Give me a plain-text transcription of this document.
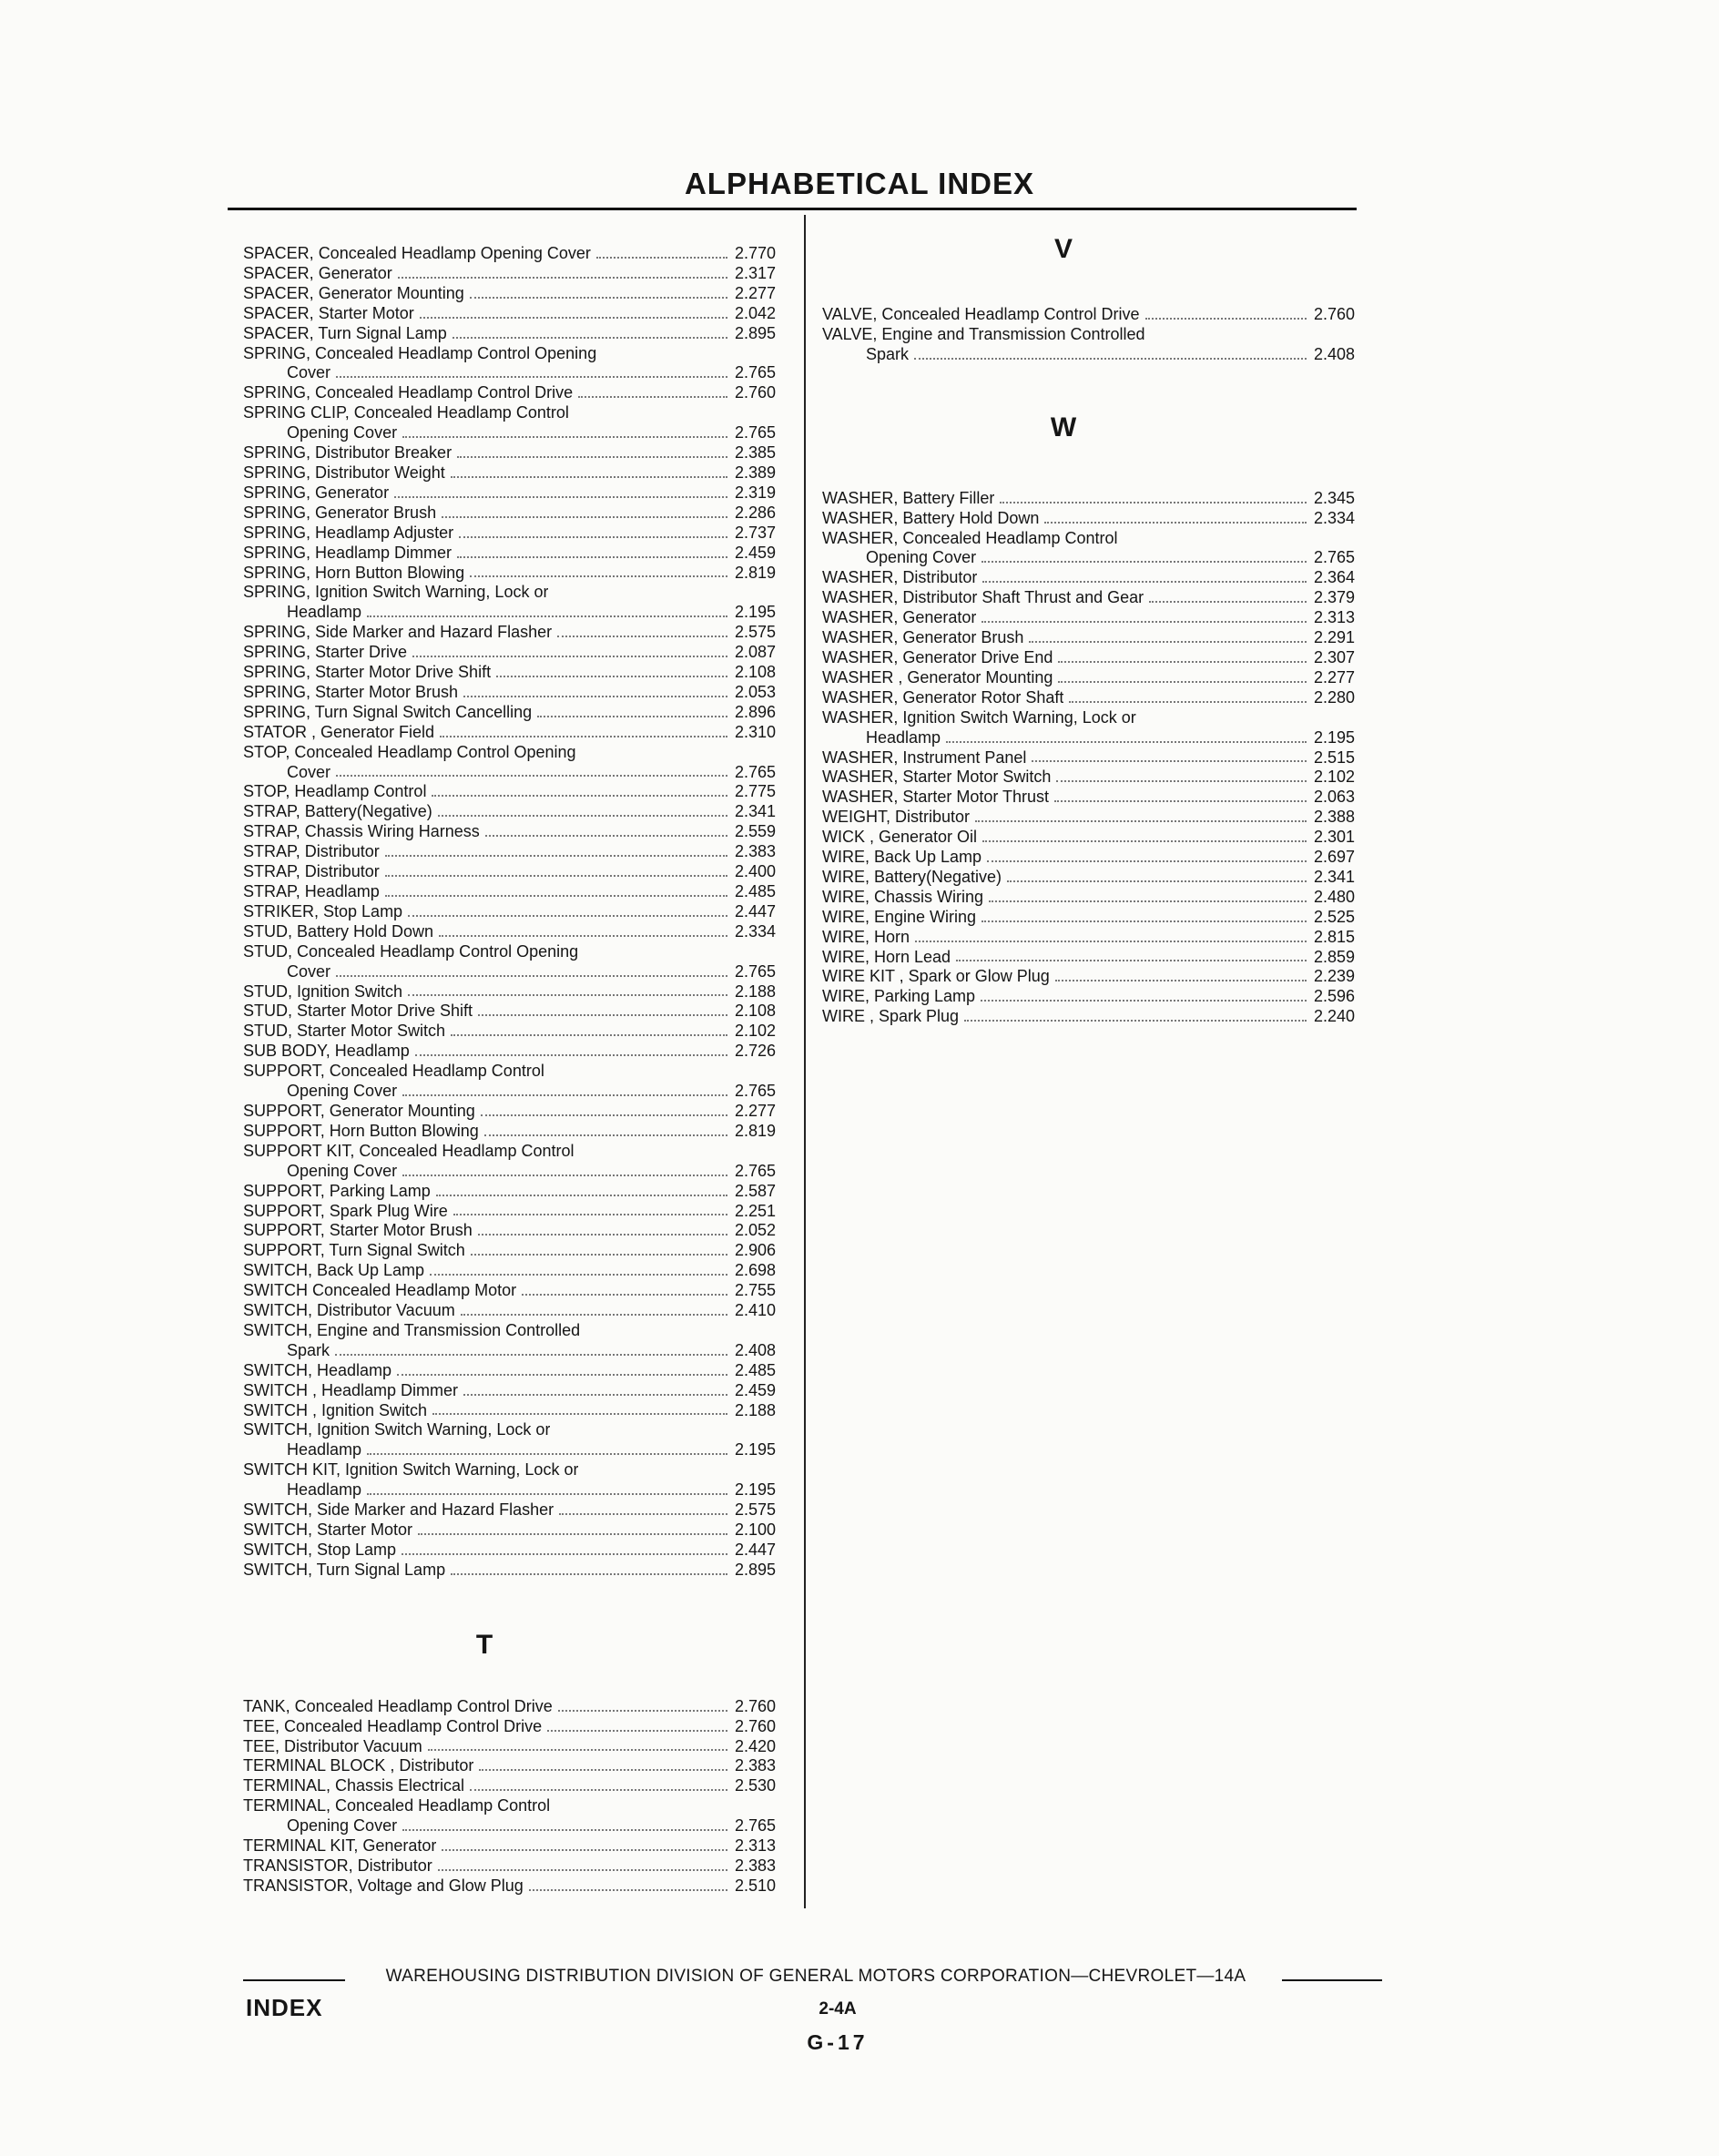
ALPHABETICAL INDEX
SPACER, Concealed Headlamp Opening Cover	2.770
SPACER, Generator	2.317
SPACER, Generator Mounting	2.277
SPACER, Starter Motor	2.042
SPACER, Turn Signal Lamp	2.895
SPRING, Concealed Headlamp Control Opening
Cover	2.765
SPRING, Concealed Headlamp Control Drive	2.760
SPRING CLIP, Concealed Headlamp Control
Opening Cover	2.765
SPRING, Distributor Breaker	2.385
SPRING, Distributor Weight	2.389
SPRING, Generator	2.319
SPRING, Generator Brush	2.286
SPRING, Headlamp Adjuster	2.737
SPRING, Headlamp Dimmer	2.459
SPRING, Horn Button Blowing	2.819
SPRING, Ignition Switch Warning, Lock or
Headlamp	2.195
SPRING, Side Marker and Hazard Flasher	2.575
SPRING, Starter Drive	2.087
SPRING, Starter Motor Drive Shift	2.108
SPRING, Starter Motor Brush	2.053
SPRING, Turn Signal Switch Cancelling	2.896
STATOR , Generator Field	2.310
STOP, Concealed Headlamp Control Opening
Cover	2.765
STOP, Headlamp Control	2.775
STRAP, Battery(Negative)	2.341
STRAP, Chassis Wiring Harness	2.559
STRAP, Distributor	2.383
STRAP, Distributor	2.400
STRAP, Headlamp	2.485
STRIKER, Stop Lamp	2.447
STUD, Battery Hold Down	2.334
STUD, Concealed Headlamp Control Opening
Cover	2.765
STUD, Ignition Switch	2.188
STUD, Starter Motor Drive Shift	2.108
STUD, Starter Motor Switch	2.102
SUB BODY, Headlamp	2.726
SUPPORT, Concealed Headlamp Control
Opening Cover	2.765
SUPPORT, Generator Mounting	2.277
SUPPORT, Horn Button Blowing	2.819
SUPPORT KIT, Concealed Headlamp Control
Opening Cover	2.765
SUPPORT, Parking Lamp	2.587
SUPPORT, Spark Plug Wire	2.251
SUPPORT, Starter Motor Brush	2.052
SUPPORT, Turn Signal Switch	2.906
SWITCH, Back Up Lamp	2.698
SWITCH Concealed Headlamp Motor	2.755
SWITCH, Distributor Vacuum	2.410
SWITCH, Engine and Transmission Controlled
Spark	2.408
SWITCH, Headlamp	2.485
SWITCH , Headlamp Dimmer	2.459
SWITCH , Ignition Switch	2.188
SWITCH, Ignition Switch Warning, Lock or
Headlamp	2.195
SWITCH KIT, Ignition Switch Warning, Lock or
Headlamp	2.195
SWITCH, Side Marker and Hazard Flasher	2.575
SWITCH, Starter Motor	2.100
SWITCH, Stop Lamp	2.447
SWITCH, Turn Signal Lamp	2.895
T
TANK, Concealed Headlamp Control Drive	2.760
TEE, Concealed Headlamp Control Drive	2.760
TEE, Distributor Vacuum	2.420
TERMINAL BLOCK , Distributor	2.383
TERMINAL, Chassis Electrical	2.530
TERMINAL, Concealed Headlamp Control
Opening Cover	2.765
TERMINAL KIT, Generator	2.313
TRANSISTOR, Distributor	2.383
TRANSISTOR, Voltage and Glow Plug	2.510
V
VALVE, Concealed Headlamp Control Drive	2.760
VALVE, Engine and Transmission Controlled
Spark	2.408
W
WASHER, Battery Filler	2.345
WASHER, Battery Hold Down	2.334
WASHER, Concealed Headlamp Control
Opening Cover	2.765
WASHER, Distributor	2.364
WASHER, Distributor Shaft Thrust and Gear	2.379
WASHER, Generator	2.313
WASHER, Generator Brush	2.291
WASHER, Generator Drive End	2.307
WASHER , Generator Mounting	2.277
WASHER, Generator Rotor Shaft	2.280
WASHER, Ignition Switch Warning, Lock or
Headlamp	2.195
WASHER, Instrument Panel	2.515
WASHER, Starter Motor Switch	2.102
WASHER, Starter Motor Thrust	2.063
WEIGHT, Distributor	2.388
WICK , Generator Oil	2.301
WIRE, Back Up Lamp	2.697
WIRE, Battery(Negative)	2.341
WIRE, Chassis Wiring	2.480
WIRE, Engine Wiring	2.525
WIRE, Horn	2.815
WIRE, Horn Lead	2.859
WIRE KIT , Spark or Glow Plug	2.239
WIRE, Parking Lamp	2.596
WIRE , Spark Plug	2.240
WAREHOUSING DISTRIBUTION DIVISION OF GENERAL MOTORS CORPORATION—CHEVROLET—14A
INDEX	2-4A
G-17
